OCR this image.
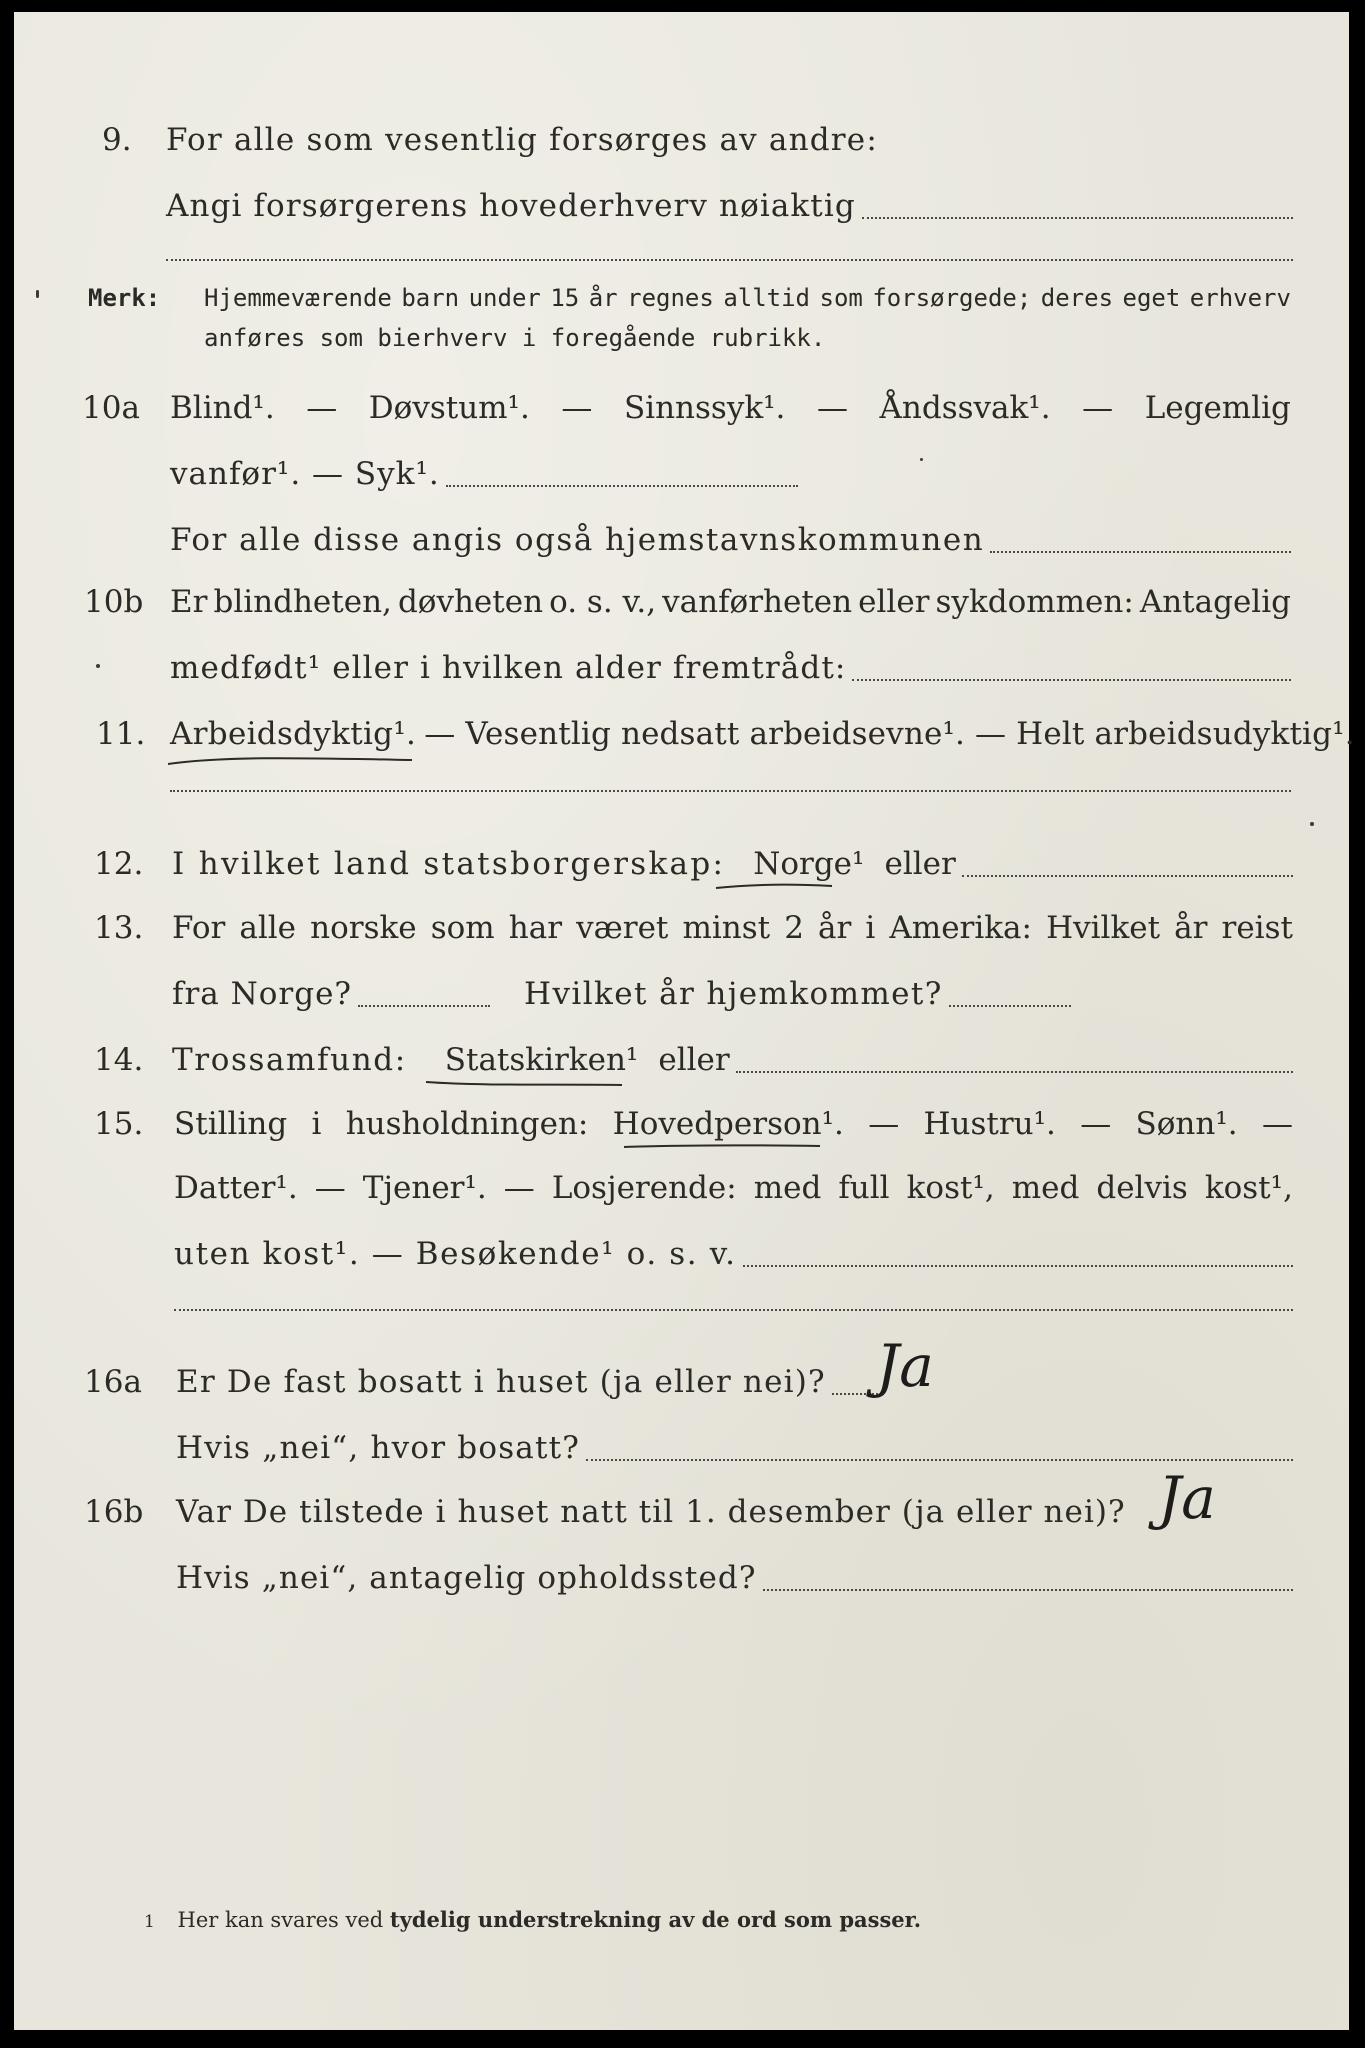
9. For alle som vesentlig forsørges av andre:
Angi forsørgerens hovederhverv nøiaktig
Merk: Hjemmeværende barn under 15 år regnes alltid som forsørgede; deres eget erhverv
anføres som bierhverv i foregående rubrikk.
10a Blind¹. — Døvstum¹. — Sinnssyk¹. — Åndssvak¹. — Legemlig
vanfør¹. — Syk¹.
For alle disse angis også hjemstavnskommunen
10b Er blindheten, døvheten o. s. v., vanførheten eller sykdommen: Antagelig
medfødt¹ eller i hvilken alder fremtrådt:
11. Arbeidsdyktig¹. — Vesentlig nedsatt arbeidsevne¹. — Helt arbeidsudyktig¹.
12. I hvilket land statsborgerskap: Norge¹ eller
13. For alle norske som har været minst 2 år i Amerika: Hvilket år reist
fra Norge?	Hvilket år hjemkommet?
14. Trossamfund: Statskirken¹ eller
15. Stilling i husholdningen: Hovedperson¹. — Hustru¹. — Sønn¹. —
Datter¹. — Tjener¹. — Losjerende: med full kost¹, med delvis kost¹,
uten kost¹. — Besøkende¹ o. s. v.
16a Er De fast bosatt i huset (ja eller nei)? Ja
Hvis „nei“, hvor bosatt?
16b Var De tilstede i huset natt til 1. desember (ja eller nei)? Ja
Hvis „nei“, antagelig opholdssted?
1 Her kan svares ved tydelig understrekning av de ord som passer.
